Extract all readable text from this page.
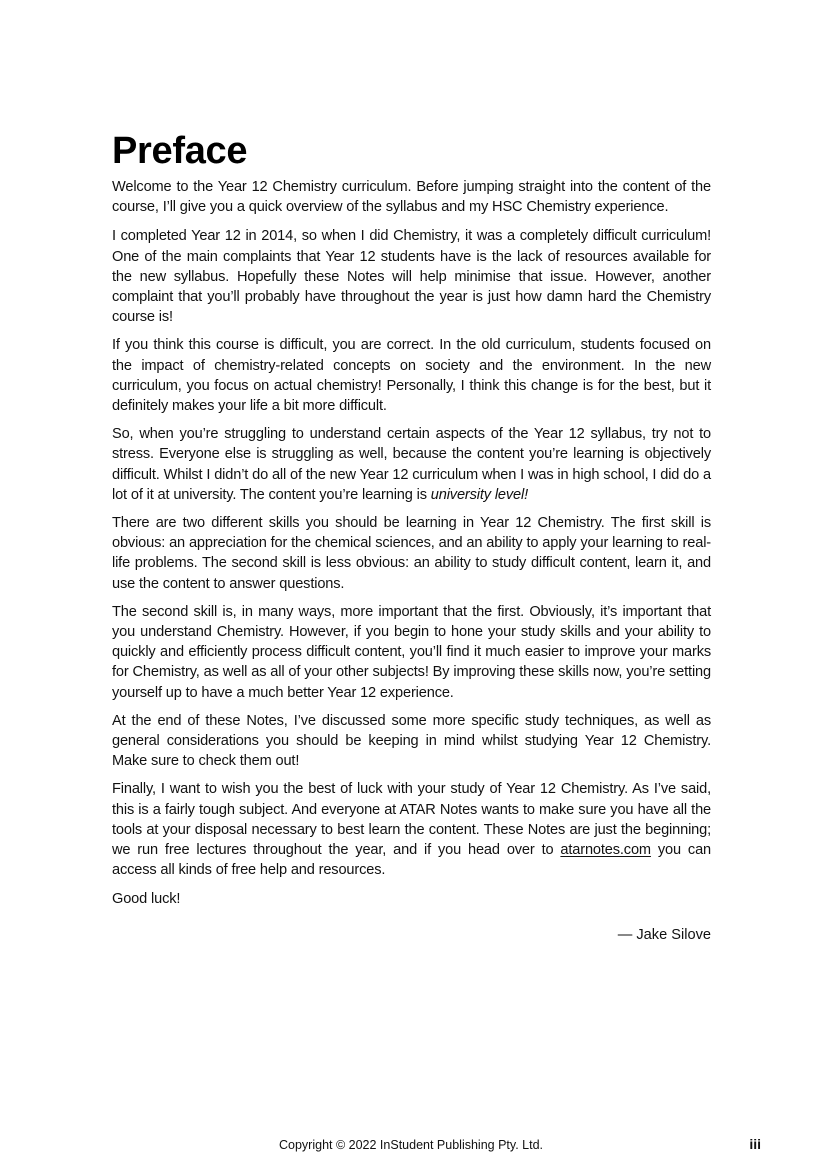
Preface

Welcome to the Year 12 Chemistry curriculum. Before jumping straight into the content of the course, I’ll give you a quick overview of the syllabus and my HSC Chemistry experience.

I completed Year 12 in 2014, so when I did Chemistry, it was a completely difficult curriculum! One of the main complaints that Year 12 students have is the lack of resources available for the new syllabus. Hopefully these Notes will help minimise that issue. However, another complaint that you’ll probably have throughout the year is just how damn hard the Chemistry course is!

If you think this course is difficult, you are correct. In the old curriculum, students focused on the impact of chemistry-related concepts on society and the environment. In the new curriculum, you focus on actual chemistry! Personally, I think this change is for the best, but it definitely makes your life a bit more difficult.

So, when you’re struggling to understand certain aspects of the Year 12 syllabus, try not to stress. Everyone else is struggling as well, because the content you’re learning is objectively difficult. Whilst I didn’t do all of the new Year 12 curriculum when I was in high school, I did do a lot of it at university. The content you’re learning is university level!

There are two different skills you should be learning in Year 12 Chemistry. The first skill is obvious: an appreciation for the chemical sciences, and an ability to apply your learning to real-life problems. The second skill is less obvious: an ability to study difficult content, learn it, and use the content to answer questions.

The second skill is, in many ways, more important that the first. Obviously, it’s important that you understand Chemistry. However, if you begin to hone your study skills and your ability to quickly and efficiently process difficult content, you’ll find it much easier to improve your marks for Chemistry, as well as all of your other subjects! By improving these skills now, you’re setting yourself up to have a much better Year 12 experience.

At the end of these Notes, I’ve discussed some more specific study techniques, as well as general considerations you should be keeping in mind whilst studying Year 12 Chemistry. Make sure to check them out!

Finally, I want to wish you the best of luck with your study of Year 12 Chemistry. As I’ve said, this is a fairly tough subject. And everyone at ATAR Notes wants to make sure you have all the tools at your disposal necessary to best learn the content. These Notes are just the beginning; we run free lectures throughout the year, and if you head over to atarnotes.com you can access all kinds of free help and resources.

Good luck!

— Jake Silove
Copyright © 2022 InStudent Publishing Pty. Ltd.	iii
